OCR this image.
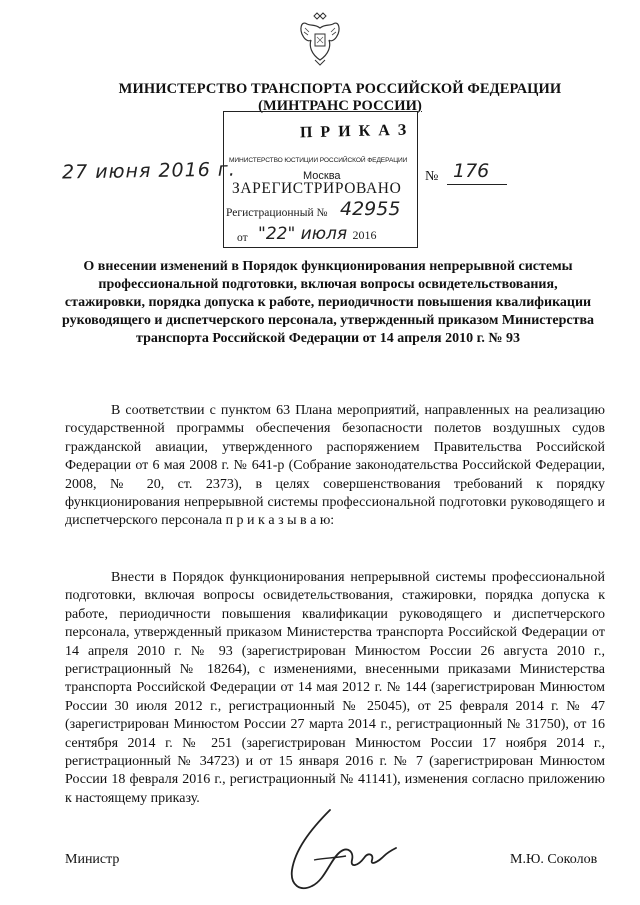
МИНИСТЕРСТВО ТРАНСПОРТА РОССИЙСКОЙ ФЕДЕРАЦИИ
(МИНТРАНС РОССИИ)
П Р И К А З
МИНИСТЕРСТВО ЮСТИЦИИ РОССИЙСКОЙ ФЕДЕРАЦИИ
Москва
ЗАРЕГИСТРИРОВАНО
Регистрационный № 42955
от "22" июля 2016
27 июня 2016 г.	№ 176
О внесении изменений в Порядок функционирования непрерывной системы профессиональной подготовки, включая вопросы освидетельствования, стажировки, порядка допуска к работе, периодичности повышения квалификации руководящего и диспетчерского персонала, утвержденный приказом Министерства транспорта Российской Федерации от 14 апреля 2010 г. № 93
В соответствии с пунктом 63 Плана мероприятий, направленных на реализацию государственной программы обеспечения безопасности полетов воздушных судов гражданской авиации, утвержденного распоряжением Правительства Российской Федерации от 6 мая 2008 г. № 641-р (Собрание законодательства Российской Федерации, 2008, № 20, ст. 2373), в целях совершенствования требований к порядку функционирования непрерывной системы профессиональной подготовки руководящего и диспетчерского персонала п р и к а з ы в а ю:
Внести в Порядок функционирования непрерывной системы профессиональной подготовки, включая вопросы освидетельствования, стажировки, порядка допуска к работе, периодичности повышения квалификации руководящего и диспетчерского персонала, утвержденный приказом Министерства транспорта Российской Федерации от 14 апреля 2010 г. № 93 (зарегистрирован Минюстом России 26 августа 2010 г., регистрационный № 18264), с изменениями, внесенными приказами Министерства транспорта Российской Федерации от 14 мая 2012 г. № 144 (зарегистрирован Минюстом России 30 июля 2012 г., регистрационный № 25045), от 25 февраля 2014 г. № 47 (зарегистрирован Минюстом России 27 марта 2014 г., регистрационный № 31750), от 16 сентября 2014 г. № 251 (зарегистрирован Минюстом России 17 ноября 2014 г., регистрационный № 34723) и от 15 января 2016 г. № 7 (зарегистрирован Минюстом России 18 февраля 2016 г., регистрационный № 41141), изменения согласно приложению к настоящему приказу.
Министр	М.Ю. Соколов
